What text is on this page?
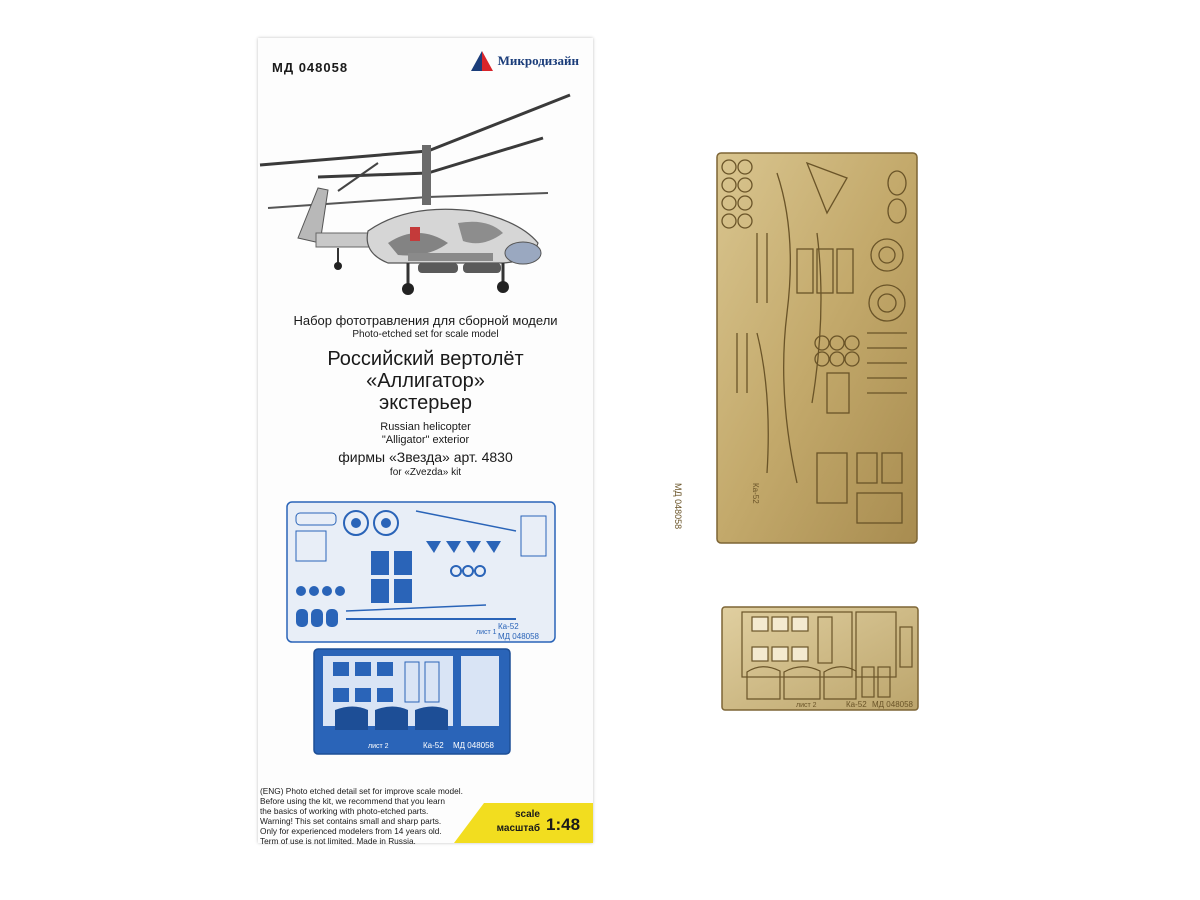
МД 048058	Микродизайн
Набор фототравления для сборной модели
Photo-etched set for scale model
Российский вертолёт
«Аллигатор»
экстерьер
Russian helicopter
"Alligator" exterior
фирмы «Звезда» арт. 4830
for «Zvezda» kit
лист 1
Ка-52
МД 048058
лист 2	Ка-52 МД 048058
(ENG) Photo etched detail set for improve scale model.
Before using the kit, we recommend that you learn
the basics of working with photo-etched parts.
Warning! This set contains small and sharp parts.
Only for experienced modelers from 14 years old.
Term of use is not limited. Made in Russia.
scale
масштаб 1:48
МД 048058	Ка-52
лист 2	Ка-52 МД 048058
